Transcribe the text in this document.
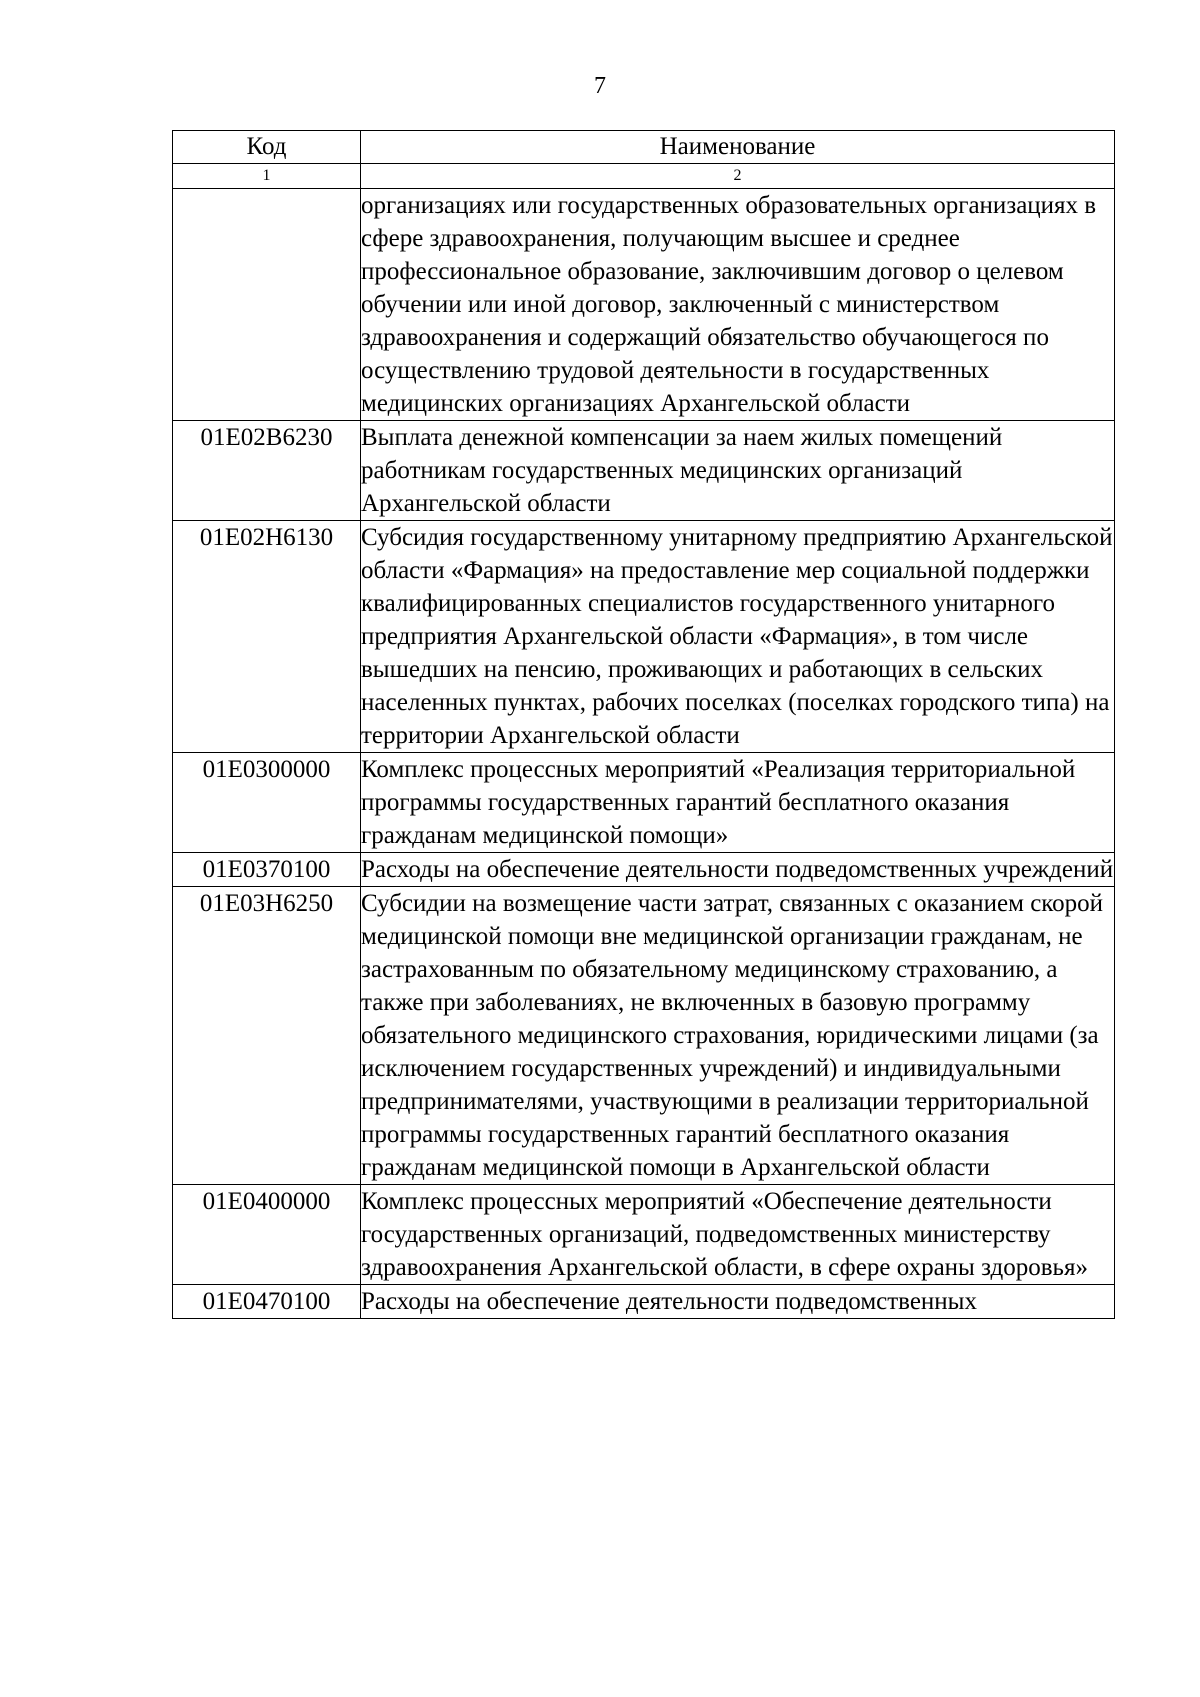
7
Код	Наименование
1	2
	организациях или государственных образовательных организациях в сфере здравоохранения, получающим высшее и среднее профессиональное образование, заключившим договор о целевом обучении или иной договор, заключенный с министерством здравоохранения и содержащий обязательство обучающегося по осуществлению трудовой деятельности в государственных медицинских организациях Архангельской области
01E02B6230	Выплата денежной компенсации за наем жилых помещений работникам государственных медицинских организаций Архангельской области
01E02H6130	Субсидия государственному унитарному предприятию Архангельской области «Фармация» на предоставление мер социальной поддержки квалифицированных специалистов государственного унитарного предприятия Архангельской области «Фармация», в том числе вышедших на пенсию, проживающих и работающих в сельских населенных пунктах, рабочих поселках (поселках городского типа) на территории Архангельской области
01E0300000	Комплекс процессных мероприятий «Реализация территориальной программы государственных гарантий бесплатного оказания гражданам медицинской помощи»
01E0370100	Расходы на обеспечение деятельности подведомственных учреждений
01E03H6250	Субсидии на возмещение части затрат, связанных с оказанием скорой медицинской помощи вне медицинской организации гражданам, не застрахованным по обязательному медицинскому страхованию, а также при заболеваниях, не включенных в базовую программу обязательного медицинского страхования, юридическими лицами (за исключением государственных учреждений) и индивидуальными предпринимателями, участвующими в реализации территориальной программы государственных гарантий бесплатного оказания гражданам медицинской помощи в Архангельской области
01E0400000	Комплекс процессных мероприятий «Обеспечение деятельности государственных организаций, подведомственных министерству здравоохранения Архангельской области, в сфере охраны здоровья»
01E0470100	Расходы на обеспечение деятельности подведомственных
